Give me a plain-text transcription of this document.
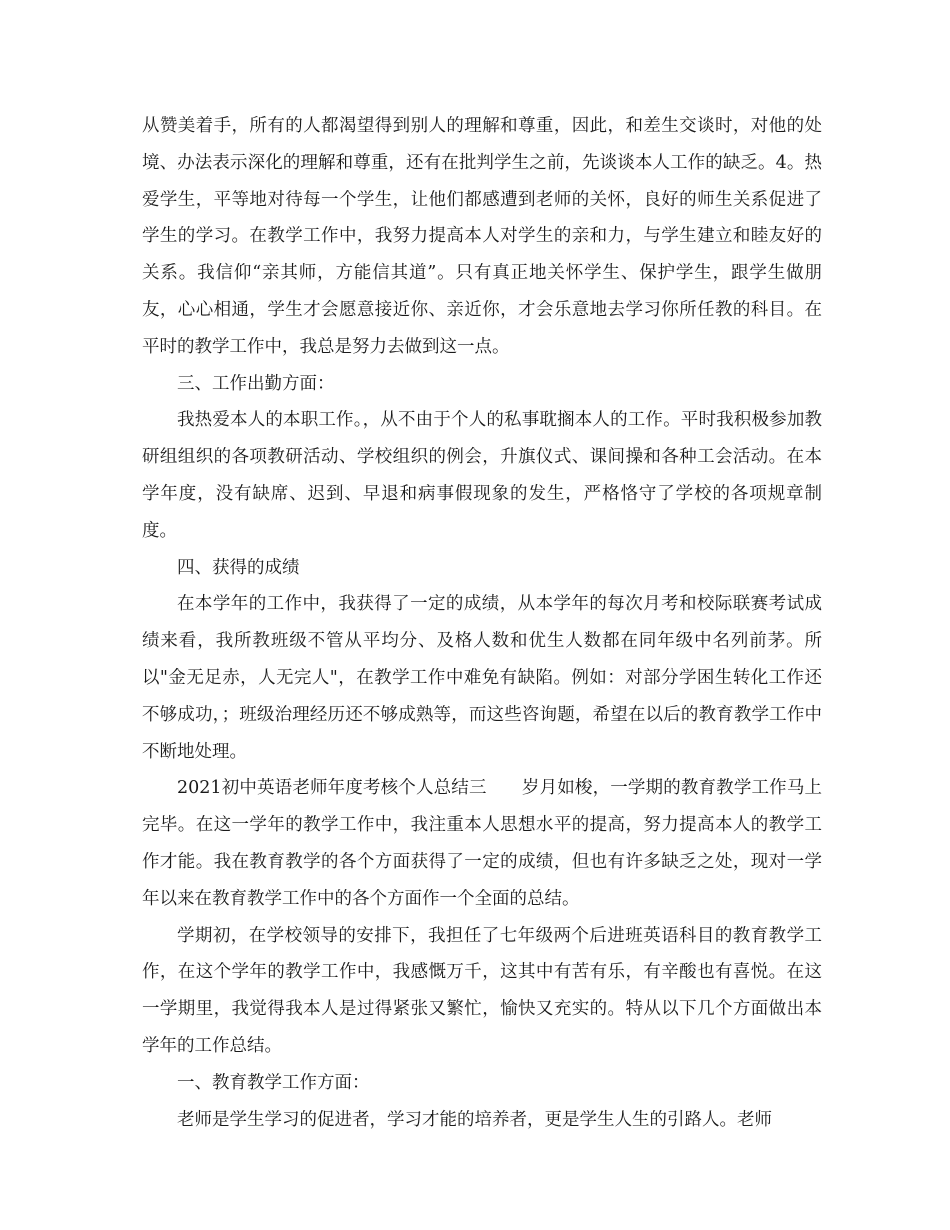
从赞美着手，所有的人都渴望得到别人的理解和尊重，因此，和差生交谈时，对他的处境、办法表示深化的理解和尊重，还有在批判学生之前，先谈谈本人工作的缺乏。4。热爱学生，平等地对待每一个学生，让他们都感遭到老师的关怀，良好的师生关系促进了学生的学习。在教学工作中，我努力提高本人对学生的亲和力，与学生建立和睦友好的关系。我信仰“亲其师，方能信其道”。只有真正地关怀学生、保护学生，跟学生做朋友，心心相通，学生才会愿意接近你、亲近你，才会乐意地去学习你所任教的科目。在平时的教学工作中，我总是努力去做到这一点。

三、工作出勤方面：

我热爱本人的本职工作。，从不由于个人的私事耽搁本人的工作。平时我积极参加教研组组织的各项教研活动、学校组织的例会，升旗仪式、课间操和各种工会活动。在本学年度，没有缺席、迟到、早退和病事假现象的发生，严格恪守了学校的各项规章制度。

四、获得的成绩

在本学年的工作中，我获得了一定的成绩，从本学年的每次月考和校际联赛考试成绩来看，我所教班级不管从平均分、及格人数和优生人数都在同年级中名列前茅。所以"金无足赤，人无完人"，在教学工作中难免有缺陷。例如：对部分学困生转化工作还不够成功，；班级治理经历还不够成熟等，而这些咨询题，希望在以后的教育教学工作中不断地处理。

2021初中英语老师年度考核个人总结三　　岁月如梭，一学期的教育教学工作马上完毕。在这一学年的教学工作中，我注重本人思想水平的提高，努力提高本人的教学工作才能。我在教育教学的各个方面获得了一定的成绩，但也有许多缺乏之处，现对一学年以来在教育教学工作中的各个方面作一个全面的总结。

学期初，在学校领导的安排下，我担任了七年级两个后进班英语科目的教育教学工作，在这个学年的教学工作中，我感慨万千，这其中有苦有乐，有辛酸也有喜悦。在这一学期里，我觉得我本人是过得紧张又繁忙，愉快又充实的。特从以下几个方面做出本学年的工作总结。

一、教育教学工作方面：

老师是学生学习的促进者，学习才能的培养者，更是学生人生的引路人。老师
